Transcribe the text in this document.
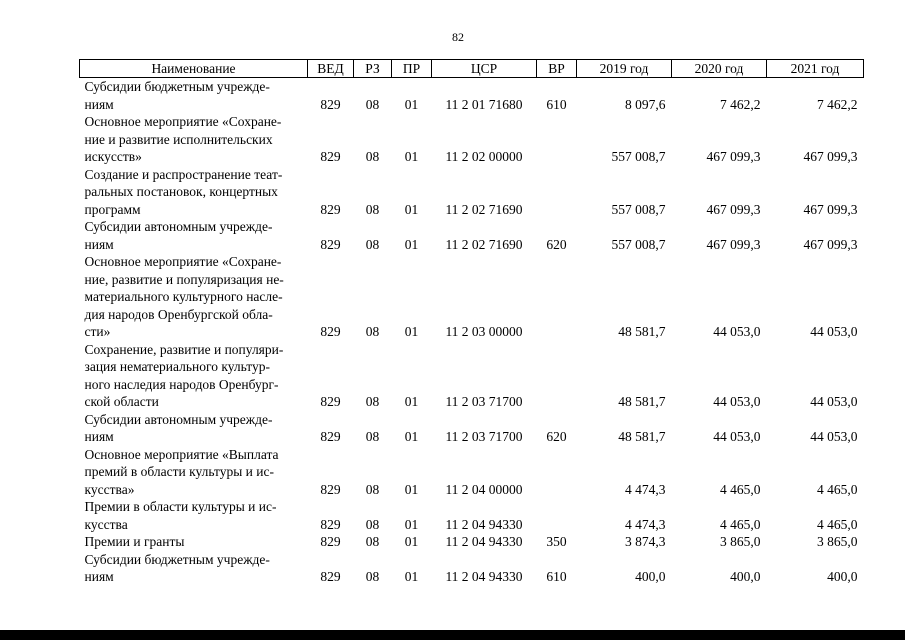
82
Наименование	ВЕД	РЗ	ПР	ЦСР	ВР	2019 год	2020 год	2021 год
Субсидии бюджетным учрежде-
ниям	829	08	01	11 2 01 71680	610	8 097,6	7 462,2	7 462,2
Основное мероприятие «Сохране-
ние и развитие исполнительских
искусств»	829	08	01	11 2 02 00000		557 008,7	467 099,3	467 099,3
Создание и распространение теат-
ральных постановок, концертных
программ	829	08	01	11 2 02 71690		557 008,7	467 099,3	467 099,3
Субсидии автономным учрежде-
ниям	829	08	01	11 2 02 71690	620	557 008,7	467 099,3	467 099,3
Основное мероприятие «Сохране-
ние, развитие и популяризация не-
материального культурного насле-
дия народов Оренбургской обла-
сти»	829	08	01	11 2 03 00000		48 581,7	44 053,0	44 053,0
Сохранение, развитие и популяри-
зация нематериального культур-
ного наследия народов Оренбург-
ской области	829	08	01	11 2 03 71700		48 581,7	44 053,0	44 053,0
Субсидии автономным учрежде-
ниям	829	08	01	11 2 03 71700	620	48 581,7	44 053,0	44 053,0
Основное мероприятие «Выплата
премий в области культуры и ис-
кусства»	829	08	01	11 2 04 00000		4 474,3	4 465,0	4 465,0
Премии в области культуры и ис-
кусства	829	08	01	11 2 04 94330		4 474,3	4 465,0	4 465,0
Премии и гранты	829	08	01	11 2 04 94330	350	3 874,3	3 865,0	3 865,0
Субсидии бюджетным учрежде-
ниям	829	08	01	11 2 04 94330	610	400,0	400,0	400,0
